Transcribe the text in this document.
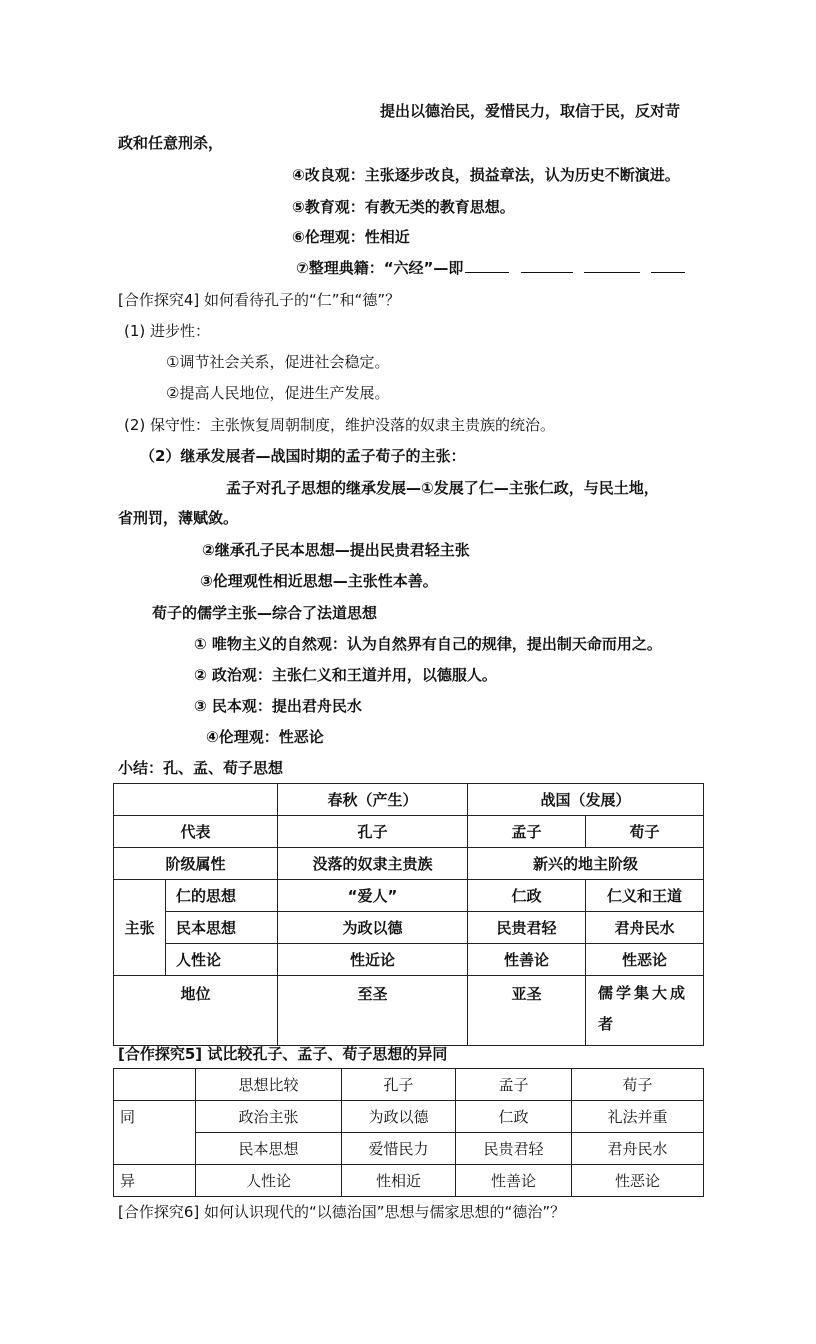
提出以德治民，爱惜民力，取信于民，反对苛
政和任意刑杀，
④改良观：主张逐步改良，损益章法，认为历史不断演进。
⑤教育观：有教无类的教育思想。
⑥伦理观：性相近
⑦整理典籍：“六经”—即
[合作探究4] 如何看待孔子的“仁”和“德”？
(1) 进步性：
①调节社会关系，促进社会稳定。
②提高人民地位，促进生产发展。
(2) 保守性：主张恢复周朝制度，维护没落的奴隶主贵族的统治。
（2）继承发展者—战国时期的孟子荀子的主张：
孟子对孔子思想的继承发展—①发展了仁—主张仁政，与民土地，
省刑罚，薄赋敛。
②继承孔子民本思想—提出民贵君轻主张
③伦理观性相近思想—主张性本善。
荀子的儒学主张—综合了法道思想
① 唯物主义的自然观：认为自然界有自己的规律，提出制天命而用之。
② 政治观：主张仁义和王道并用，以德服人。
③ 民本观：提出君舟民水
④伦理观：性恶论
小结：孔、孟、荀子思想
		春秋（产生）	战国（发展）	
代表		孔子	孟子	荀子
阶级属性		没落的奴隶主贵族	新兴的地主阶级	
主张	仁的思想	“爱人”	仁政	仁义和王道
	民本思想	为政以德	民贵君轻	君舟民水
	人性论	性近论	性善论	性恶论
地位		至圣	亚圣	儒学集大成
者
[合作探究5] 试比较孔子、孟子、荀子思想的异同
	思想比较	孔子	孟子	荀子
同	政治主张	为政以德	仁政	礼法并重
	民本思想	爱惜民力	民贵君轻	君舟民水
异	人性论	性相近	性善论	性恶论
[合作探究6] 如何认识现代的“以德治国”思想与儒家思想的“德治”？
